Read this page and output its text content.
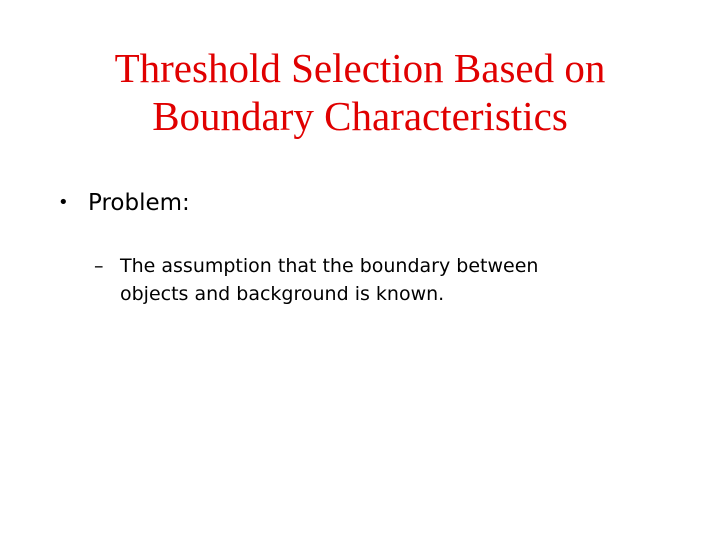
Threshold Selection Based on
Boundary Characteristics
• Problem:
– The assumption that the boundary between
objects and background is known.
